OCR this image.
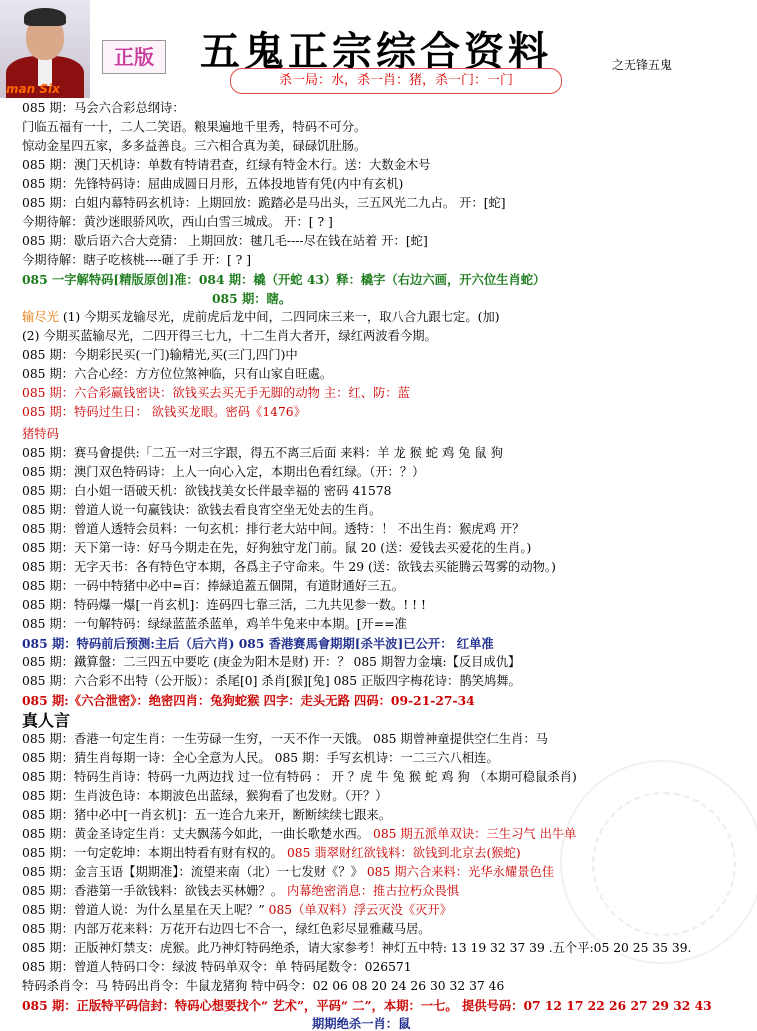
man Six
正版	五鬼正宗综合资料	之无锋五鬼
杀一局：水，杀一肖：猪，杀一门：一门
085 期：马会六合彩总纲诗：
门临五福有一十，二人二笑语。粮果遍地千里秀，特码不可分。
惊动金星四五家，多多益善良。三六相合真为美，碌碌饥肚肠。
085 期：澳门天机诗：单数有特请君查，红绿有特金木行。送：大数金木号
085 期：先锋特码诗：屈曲成圆日月形，五体投地皆有凭(内中有玄机)
085 期：白姐内幕特码玄机诗：上期回放：跪踏必是马出头，三五风光二九占。 开：[蛇]
今期待解：黄沙迷眼骄风吹，西山白雪三城成。 开：[ ? ]
085 期：歇后语六合大竞猜： 上期回放：毽几毛----尽在钱在站着 开：[蛇]
今期待解：瞎子吃核桃----砸了手 开：[ ? ]
085 一字解特码[精版原创]准：084 期：橇（开蛇 43）释：橇字（右边六画，开六位生肖蛇）
085 期：瞎。
输尽光 (1) 今期买龙输尽光，虎前虎后龙中间，二四同床三来一，取八合九跟七定。(加)
(2) 今期买蓝输尽光，二四开得三七九，十二生肖大者开，绿红两波看今期。
085 期：今期彩民买(一门)输精光,买(三门,四门)中
085 期：六合心经：方方位位煞神临，只有山家自旺處。
085 期：六合彩赢钱密诀：欲钱买去买无手无脚的动物 主：红、防：蓝
085 期：特码过生日： 欲钱买龙眼。密码《1476》
猪特码
085 期：赛马會提供:「二五一对三字跟，得五不离三后面 来料：羊 龙 猴 蛇 鸡 兔 鼠 狗
085 期：澳门双色特码诗：上人一向心入定，本期出色看红绿。（开：？）
085 期：白小姐一语破天机：欲钱找美女长伴最幸福的 密码 41578
085 期：曾道人说一句赢钱诀：欲钱去看良宵空坐无处去的生肖。
085 期：曾道人透特会员料：一句玄机：排行老大站中间。透特：！ 不出生肖：猴虎鸡 开？
085 期：天下第一诗：好马今期走在先，好狗独守龙门前。鼠 20 (送：爱钱去买爱花的生肖。)
085 期：无字天书：各有特色守本期，各爲主子守命来。牛 29 (送：欲钱去买能腾云驾雾的动物。)
085 期：一码中特猪中必中=百：捧緑追蓋五個開，有道財通好三五。
085 期：特码爆一爆[一肖玄机]：连码四七靠三活，二九共见参一数。! ! !
085 期：一句解特码：绿绿蓝蓝杀蓝单，鸡羊牛兔来中本期。[开==准
085 期：特码前后预测:主后（后六肖) 085 香港赛馬會期期[杀半波]已公开： 红单准
085 期：鐵算盤：二三四五中要吃 (庚金为阳木是财) 开：？ 085 期智力金壤:【反目成仇】
085 期：六合彩不出特（公开版）：杀尾[0] 杀肖[猴][兔] 085 正版四字梅花诗：鹊笑鸠舞。
085 期:《六合泄密》：绝密四肖：兔狗蛇猴 四字：走头无路 四码：09-21-27-34
真人言
085 期：香港一句定生肖：一生劳碌一生穷，一天不作一天饿。 085 期曾神童提供空仁生肖：马
085 期：猜生肖每期一诗：全心全意为人民。 085 期：手写玄机诗：一二三六八相连。
085 期：特码生肖诗：特码一九两边找 过一位有特码 ： 开 ？虎 牛 兔 猴 蛇 鸡 狗 （本期可稳鼠杀肖)
085 期：生肖波色诗：本期波色出蓝绿，猴狗看了也发财。（开？）
085 期：猪中必中[一肖玄机]：五一连合九来开，断断续续七跟来。
085 期：黄金圣诗定生肖：丈夫飘荡今如此，一曲长歌楚水西。 085 期五派单双诀：三生习气 出牛单
085 期：一句定乾坤：本期出特看有财有权的。 085 翡翠财红欲钱料：欲钱到北京去(猴蛇)
085 期：金言玉语【期期准】：流望来南（北）一七发财《？》 085 期六合来料：光华永耀景色佳
085 期：香港第一手欲钱料：欲钱去买林姗？。 内幕绝密消息：推古拉朽众畏惧
085 期：曾道人说：为什么星星在天上呢？” 085（单双料）浮云灭没《灭开》
085 期：内部万花来料：万花开右边四七不合一，绿红色彩尽显雅藏马居。
085 期：正版神灯禁支：虎猴。此乃神灯特码绝杀，请大家参考！神灯五中特: 13 19 32 37 39 .五个平:05 20 25 35 39.
085 期：曾道人特码口令：绿波 特码单双令：单 特码尾数令：026571
特码杀肖令：马 特码出肖令：牛鼠龙猪狗 特中码令：02 06 08 20 24 26 30 32 37 46
085 期：正版特平码信封：特码心想要找个“ 艺术”，平码“ 二”，本期：一七。 提供号码：07 12 17 22 26 27 29 32 43
期期绝杀一肖：鼠
